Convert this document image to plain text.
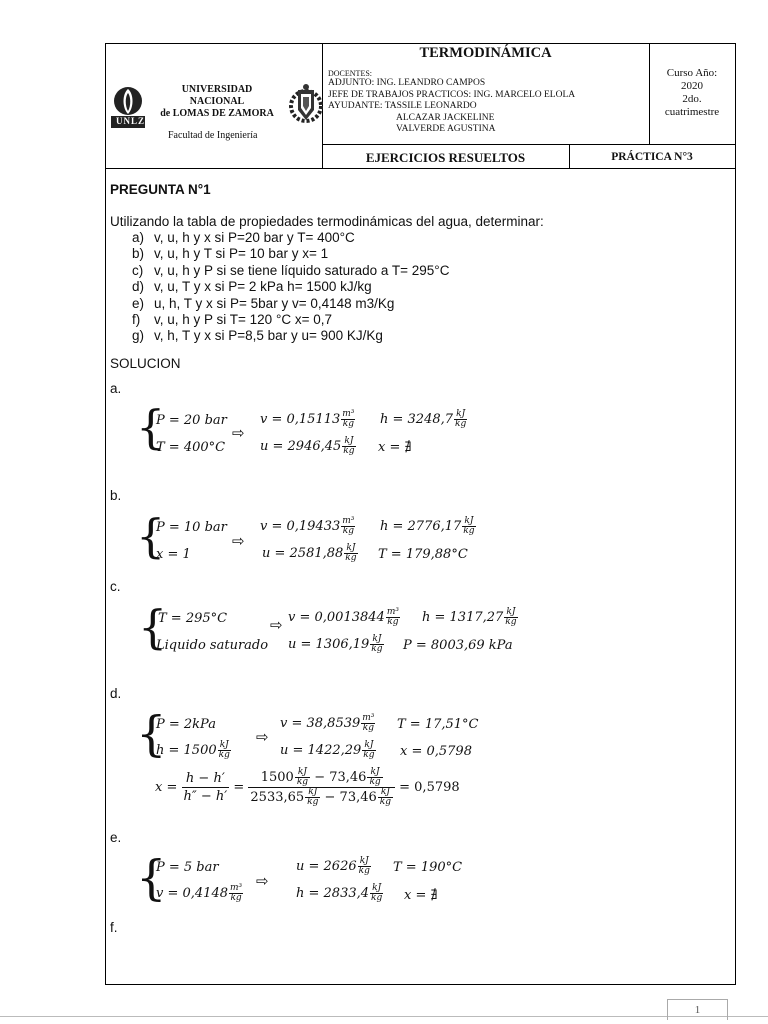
UNLZ
UNIVERSIDAD
NACIONAL
de LOMAS DE ZAMORA
Facultad de Ingeniería
TERMODINÁMICA
DOCENTES:
ADJUNTO: ING. LEANDRO CAMPOS
JEFE DE TRABAJOS PRACTICOS: ING. MARCELO ELOLA
AYUDANTE: TASSILE LEONARDO
ALCAZAR JACKELINE
VALVERDE AGUSTINA
Curso Año:
2020
2do.
cuatrimestre
EJERCICIOS RESUELTOS	PRÁCTICA N°3
PREGUNTA N°1
Utilizando la tabla de propiedades termodinámicas del agua, determinar:
a) v, u, h y x si P=20 bar y T= 400°C
b) v, u, h y T si P= 10 bar y x= 1
c) v, u, h y P si se tiene líquido saturado a T= 295°C
d) v, u, T y x si P= 2 kPa h= 1500 kJ/kg
e) u, h, T y x si P= 5bar y v= 0,4148 m3/Kg
f) v, u, h y P si T= 120 °C x= 0,7
g) v, h, T y x si P=8,5 bar y u= 900 KJ/Kg
SOLUCION
a.
b.
c.
d.
e.
f.
{
P = 20 bar
T = 400°C
⇨
$v = 0,15113 \frac{\text{m³}}{kg}$ $h = 3248,7 \frac{kJ}{kg}$
$u = 2946,45 \frac{kJ}{kg}$ x = ∄
{
P = 10 bar
x = 1
⇨
$v = 0,19433 \frac{\text{m³}}{kg}$ $h = 2776,17 \frac{kJ}{kg}$
$u = 2581,88 \frac{kJ}{kg}$ T = 179,88°C
{
T = 295°C
Liquido saturado
⇨ $v = 0,0013844 \frac{\text{m³}}{kg}$ $h = 1317,27 \frac{kJ}{kg}$
$u = 1306,19 \frac{kJ}{kg}$ P = 8003,69 kPa
{
P = 2kPa
$h = 1500 \frac{kJ}{kg}$
⇨
$v = 38,8539 \frac{\text{m³}}{kg}$ T = 17,51°C
$u = 1422,29 \frac{kJ}{kg}$ x = 0,5798
$x = \frac{h - h'}{h'' - h'}$ =
$1500 \frac{kJ}{kg} - 73,46 \frac{kJ}{kg}$
$2533,65 \frac{kJ}{kg} - 73,46 \frac{kJ}{kg}$
= 0,5798
{
P = 5 bar
$v = 0,4148 \frac{\text{m³}}{kg}$
⇨
$u = 2626 \frac{kJ}{kg}$ T = 190°C
$h = 2833,4 \frac{kJ}{kg}$ x = ∄
1
